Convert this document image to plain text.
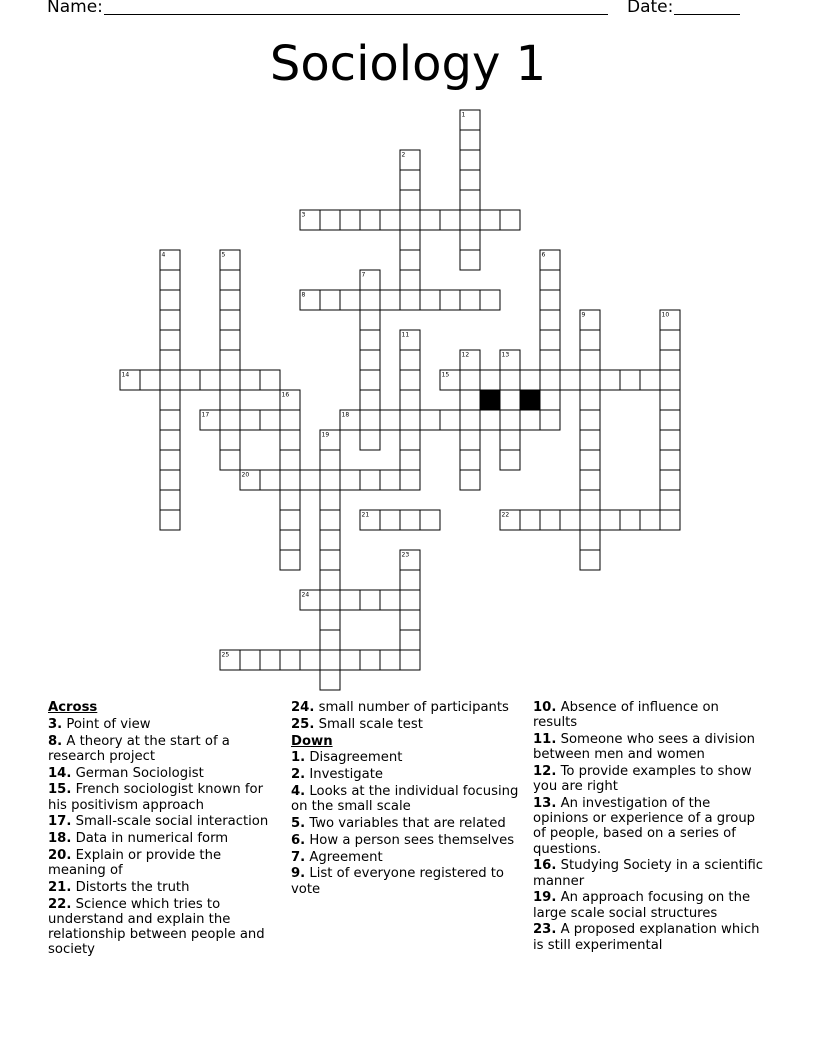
Name:	Date:
Sociology 1
1
2
3
4	5	6
7
8
9	10
11
12	13
14	15
16
17	18
19
20
21	22
23
24
25
Across
3. Point of view
8. A theory at the start of a research project
14. German Sociologist
15. French sociologist known for his positivism approach
17. Small-scale social interaction
18. Data in numerical form
20. Explain or provide the meaning of
21. Distorts the truth
22. Science which tries to understand and explain the relationship between people and society
24. small number of participants
25. Small scale test
Down
1. Disagreement
2. Investigate
4. Looks at the individual focusing on the small scale
5. Two variables that are related
6. How a person sees themselves
7. Agreement
9. List of everyone registered to vote
10. Absence of influence on results
11. Someone who sees a division between men and women
12. To provide examples to show you are right
13. An investigation of the opinions or experience of a group of people, based on a series of questions.
16. Studying Society in a scientific manner
19. An approach focusing on the large scale social structures
23. A proposed explanation which is still experimental
